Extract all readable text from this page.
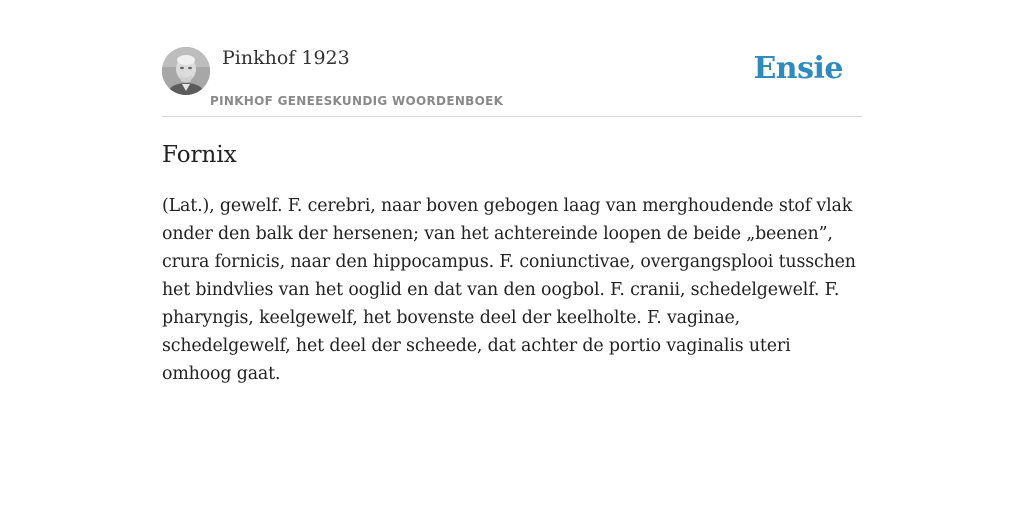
Pinkhof 1923
PINKHOF GENEESKUNDIG WOORDENBOEK
Ensie
Fornix

(Lat.), gewelf. F. cerebri, naar boven gebogen laag van merghoudende stof vlak onder den balk der hersenen; van het achtereinde loopen de beide „beenen”, crura fornicis, naar den hippocampus. F. coniunctivae, overgangsplooi tusschen het bindvlies van het ooglid en dat van den oogbol. F. cranii, schedelgewelf. F. pharyngis, keelgewelf, het bovenste deel der keelholte. F. vaginae, schedelgewelf, het deel der scheede, dat achter de portio vaginalis uteri omhoog gaat.
